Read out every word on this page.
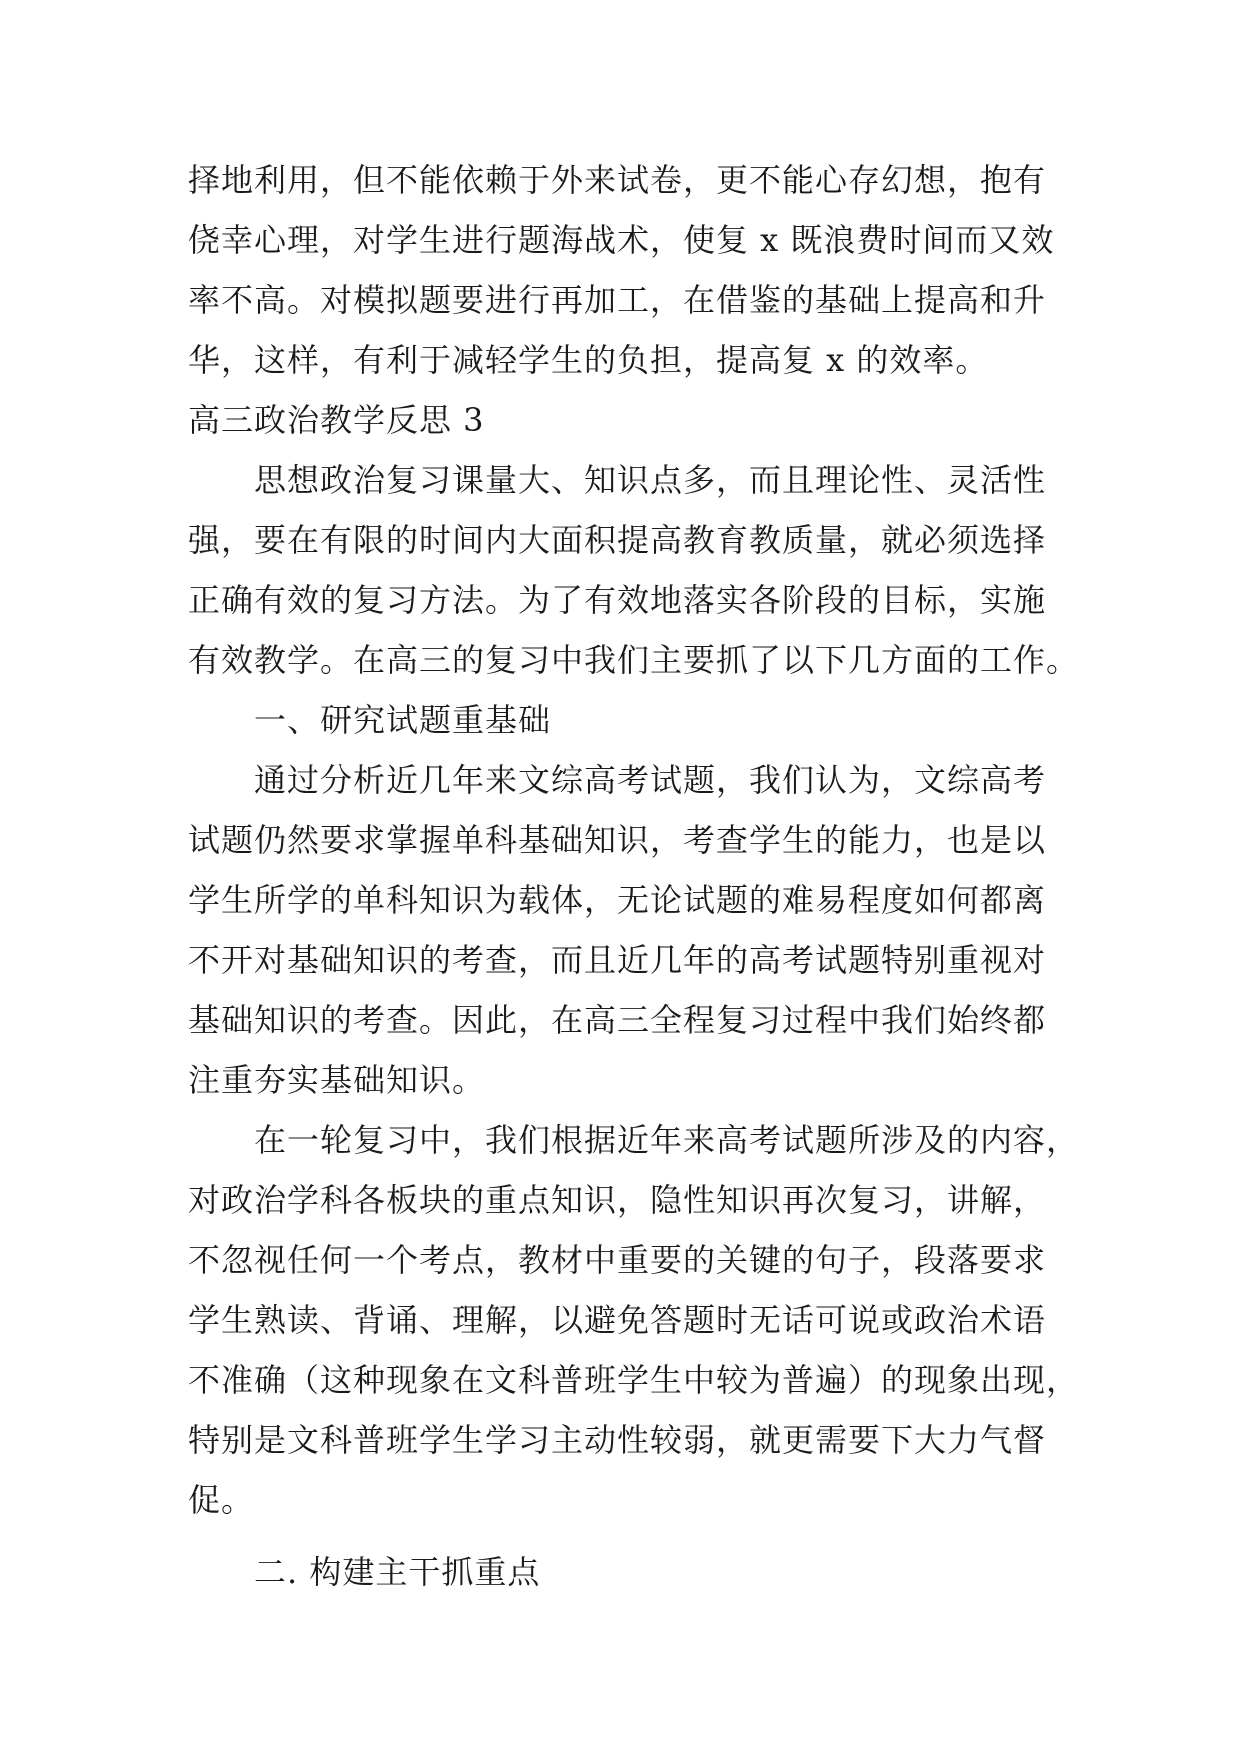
择地利用，但不能依赖于外来试卷，更不能心存幻想，抱有
侥幸心理，对学生进行题海战术，使复 x 既浪费时间而又效
率不高。对模拟题要进行再加工，在借鉴的基础上提高和升
华，这样，有利于减轻学生的负担，提高复 x 的效率。
高三政治教学反思 3
思想政治复习课量大、知识点多，而且理论性、灵活性
强，要在有限的时间内大面积提高教育教质量，就必须选择
正确有效的复习方法。为了有效地落实各阶段的目标，实施
有效教学。在高三的复习中我们主要抓了以下几方面的工作。
一、研究试题重基础
通过分析近几年来文综高考试题，我们认为，文综高考
试题仍然要求掌握单科基础知识，考查学生的能力，也是以
学生所学的单科知识为载体，无论试题的难易程度如何都离
不开对基础知识的考查，而且近几年的高考试题特别重视对
基础知识的考查。因此，在高三全程复习过程中我们始终都
注重夯实基础知识。
在一轮复习中，我们根据近年来高考试题所涉及的内容，
对政治学科各板块的重点知识，隐性知识再次复习，讲解，
不忽视任何一个考点，教材中重要的关键的句子，段落要求
学生熟读、背诵、理解，以避免答题时无话可说或政治术语
不准确（这种现象在文科普班学生中较为普遍）的现象出现，
特别是文科普班学生学习主动性较弱，就更需要下大力气督
促。
二. 构建主干抓重点
